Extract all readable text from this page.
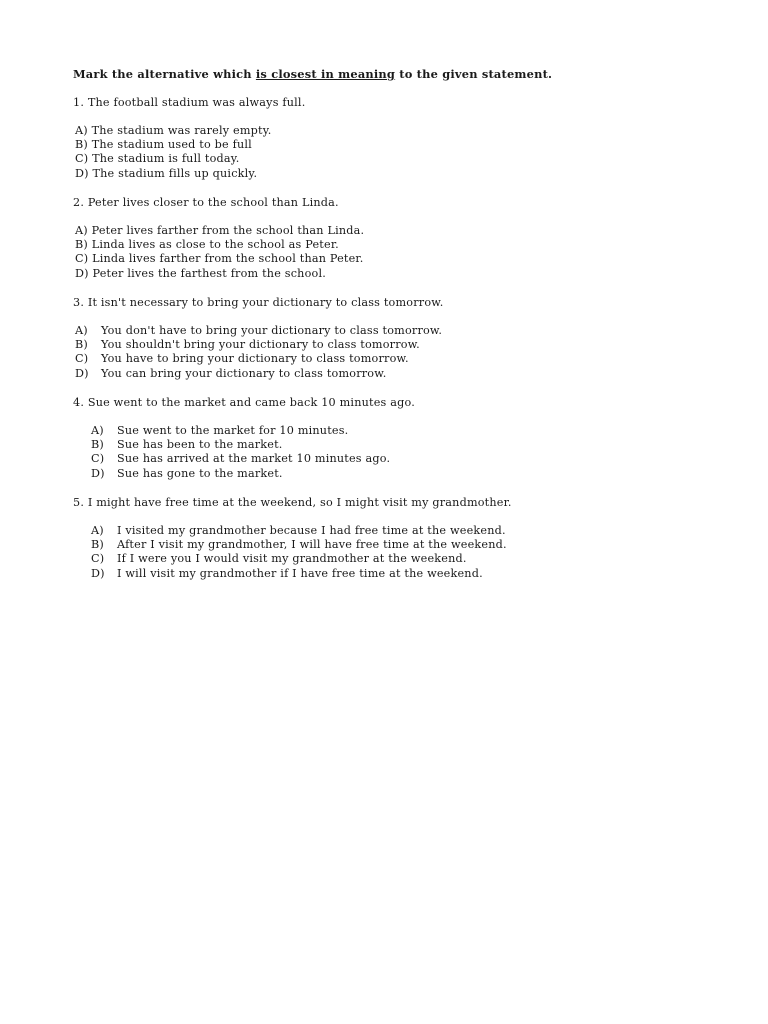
Mark the alternative which is closest in meaning to the given statement.
1. The football stadium was always full.
A) The stadium was rarely empty.
B) The stadium used to be full
C) The stadium is full today.
D) The stadium fills up quickly.
2. Peter lives closer to the school than Linda.
A) Peter lives farther from the school than Linda.
B) Linda lives as close to the school as Peter.
C) Linda lives farther from the school than Peter.
D) Peter lives the farthest from the school.
3. It isn't necessary to bring your dictionary to class tomorrow.
A) You don't have to bring your dictionary to class tomorrow.
B) You shouldn't bring your dictionary to class tomorrow.
C) You have to bring your dictionary to class tomorrow.
D) You can bring your dictionary to class tomorrow.
4. Sue went to the market and came back 10 minutes ago.
A) Sue went to the market for 10 minutes.
B) Sue has been to the market.
C) Sue has arrived at the market 10 minutes ago.
D) Sue has gone to the market.
5. I might have free time at the weekend, so I might visit my grandmother.
A) I visited my grandmother because I had free time at the weekend.
B) After I visit my grandmother, I will have free time at the weekend.
C) If I were you I would visit my grandmother at the weekend.
D) I will visit my grandmother if I have free time at the weekend.
